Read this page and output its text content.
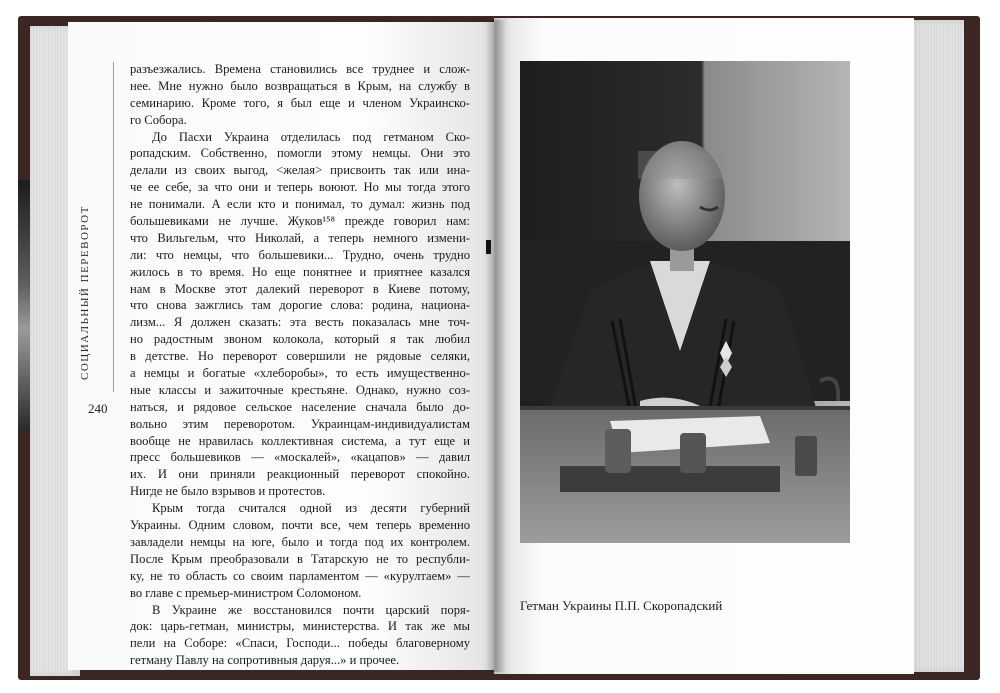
СОЦИАЛЬНЫЙ ПЕРЕВОРОТ
240
разъезжались. Времена становились все труднее и слож-
нее. Мне нужно было возвращаться в Крым, на службу в
семинарию. Кроме того, я был еще и членом Украинско-
го Собора.
До Пасхи Украина отделилась под гетманом Ско-
ропадским. Собственно, помогли этому немцы. Они это
делали из своих выгод, <желая> присвоить так или ина-
че ее себе, за что они и теперь воюют. Но мы тогда этого
не понимали. А если кто и понимал, то думал: жизнь под
большевиками не лучше. Жуков¹⁵⁸ прежде говорил нам:
что Вильгельм, что Николай, а теперь немного измени-
ли: что немцы, что большевики... Трудно, очень трудно
жилось в то время. Но еще понятнее и приятнее казался
нам в Москве этот далекий переворот в Киеве потому,
что снова зажглись там дорогие слова: родина, национа-
лизм... Я должен сказать: эта весть показалась мне точ-
но радостным звоном колокола, который я так любил
в детстве. Но переворот совершили не рядовые селяки,
а немцы и богатые «хлеборобы», то есть имущественно-
ные классы и зажиточные крестьяне. Однако, нужно соз-
наться, и рядовое сельское население сначала было до-
вольно этим переворотом. Украинцам-индивидуалистам
вообще не нравилась коллективная система, а тут еще и
пресс большевиков — «москалей», «кацапов» — давил
их. И они приняли реакционный переворот спокойно.
Нигде не было взрывов и протестов.
Крым тогда считался одной из десяти губерний
Украины. Одним словом, почти все, чем теперь временно
завладели немцы на юге, было и тогда под их контролем.
После Крым преобразовали в Татарскую не то республи-
ку, не то область со своим парламентом — «курултаем» —
во главе с премьер-министром Соломоном.
В Украине же восстановился почти царский поря-
док: царь-гетман, министры, министерства. И так же мы
пели на Соборе: «Спаси, Господи... победы благоверному
гетману Павлу на сопротивныя даруя...» и прочее.
Гетман Украины П.П. Скоропадский
